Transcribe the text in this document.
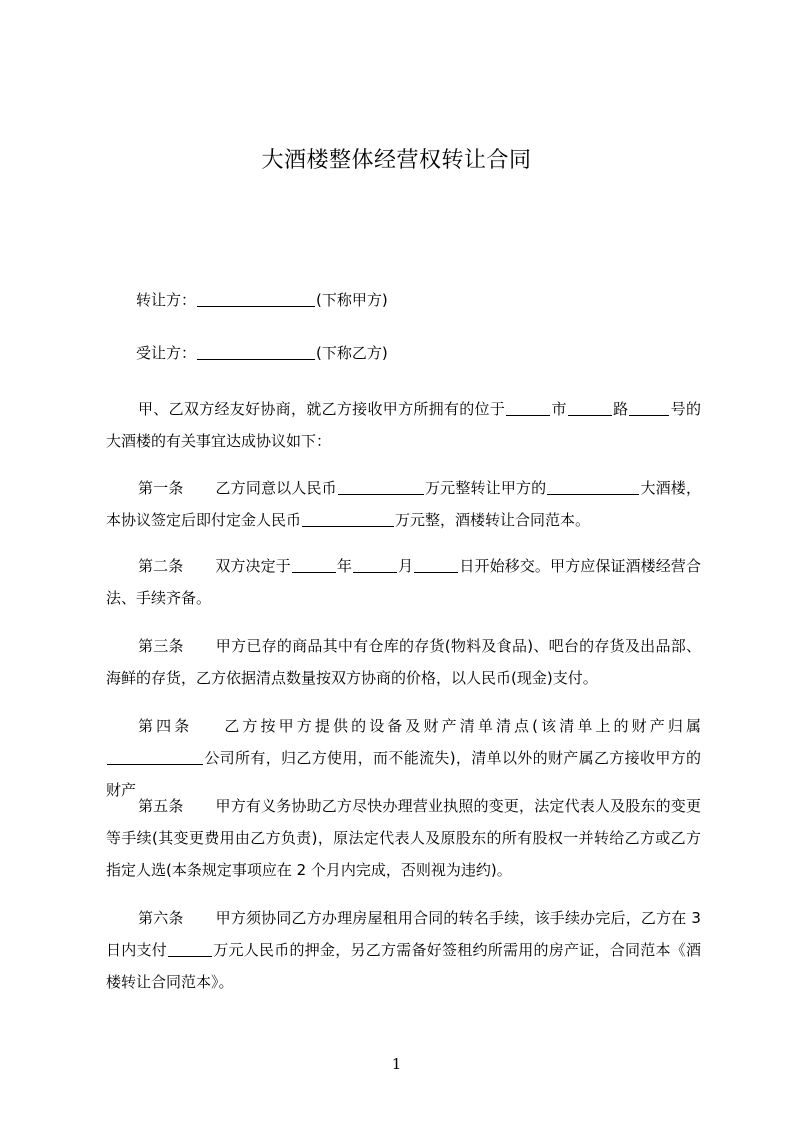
大酒楼整体经营权转让合同
转让方：	(下称甲方)
受让方：	(下称乙方)
甲、乙双方经友好协商，就乙方接收甲方所拥有的位于	市	路	号的大酒楼的有关事宜达成协议如下：
第一条 乙方同意以人民币	万元整转让甲方的	大酒楼，本协议签定后即付定金人民币	万元整，酒楼转让合同范本。
第二条 双方决定于	年	月	日开始移交。甲方应保证酒楼经营合法、手续齐备。
第三条 甲方已存的商品其中有仓库的存货(物料及食品)、吧台的存货及出品部、海鲜的存货，乙方依据清点数量按双方协商的价格，以人民币(现金)支付。
第四条 乙方按甲方提供的设备及财产清单清点(该清单上的财产归属公司所有，归乙方使用，而不能流失)，清单以外的财产属乙方接收甲方的财产
第五条 甲方有义务协助乙方尽快办理营业执照的变更，法定代表人及股东的变更等手续(其变更费用由乙方负责)，原法定代表人及原股东的所有股权一并转给乙方或乙方指定人选(本条规定事项应在 2 个月内完成，否则视为违约)。
第六条 甲方须协同乙方办理房屋租用合同的转名手续，该手续办完后，乙方在 3 日内支付	万元人民币的押金，另乙方需备好签租约所需用的房产证，合同范本《酒楼转让合同范本》。
1
